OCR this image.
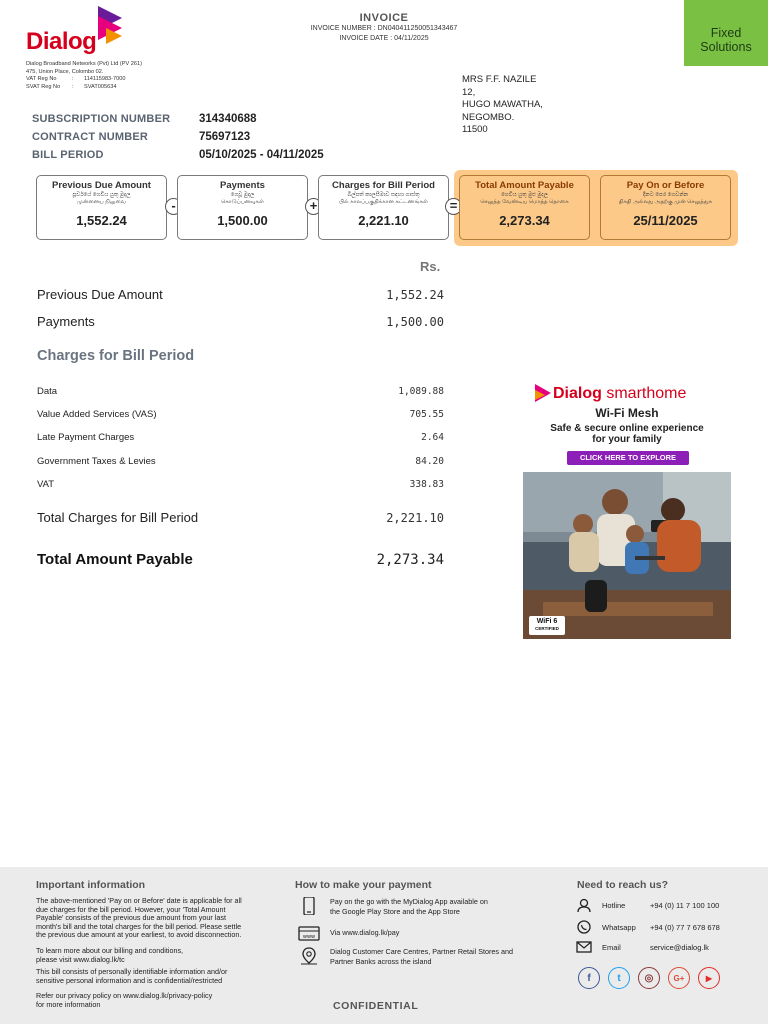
Dialog
Dialog Broadband Networks (Pvt) Ltd (PV 261)
475, Union Place, Colombo 02.
VAT Reg No	: 114115983-7000
SVAT Reg No : SVAT005634
INVOICE
INVOICE NUMBER : DN040411250051343467
INVOICE DATE : 04/11/2025	Fixed
Solutions
MRS F.F. NAZILE
12,
HUGO MAWATHA,
NEGOMBO.
11500
SUBSCRIPTION NUMBER	314340688
CONTRACT NUMBER	75697123
BILL PERIOD	05/10/2025 - 04/11/2025
Previous Due Amount
පූර්වයේ ගෙවිය යුතු මුදල
முன்னைய நிலுவை
1,552.24
-
Payments
ගෙවූ මුදල
கொடுப்பனவுகள்
1,500.00
+
Charges for Bill Period
බිල්පත් කාලසීමාව සඳහා ගාස්තු
பில் காலப்பகுதிக்கான கட்டணங்கள்
2,221.10
=
Total Amount Payable
ගෙවිය යුතු මුළු මුදල
செலுத்த வேண்டிய மொத்த தொகை
2,273.34
Pay On or Before
දිනට පෙර ගෙවන්න
திகதி அல்லது அதற்கு முன் செலுத்துக
25/11/2025
Rs.
Previous Due Amount	1,552.24
Payments	1,500.00
Charges for Bill Period
Data	1,089.88
Value Added Services (VAS)	705.55
Late Payment Charges	2.64
Government Taxes & Levies	84.20
VAT	338.83
Total Charges for Bill Period	2,221.10
Total Amount Payable	2,273.34
Dialog smarthome
Wi-Fi Mesh
Safe & secure online experience
for your family
CLICK HERE TO EXPLORE
WiFi 6
CERTIFIED
Important information
The above-mentioned 'Pay on or Before' date is applicable for all
due charges for the bill period. However, your 'Total Amount
Payable' consists of the previous due amount from your last
month's bill and the total charges for the bill period. Please settle
the previous due amount at your earliest, to avoid disconnection.
To learn more about our billing and conditions,
please visit www.dialog.lk/tc
This bill consists of personally identifiable information and/or
sensitive personal information and is confidential/restricted
Refer our privacy policy on www.dialog.lk/privacy-policy
for more information
How to make your payment
Pay on the go with the MyDialog App available on
the Google Play Store and the App Store
www Via www.dialog.lk/pay
Dialog Customer Care Centres, Partner Retail Stores and
Partner Banks across the island
Need to reach us?
Hotline	+94 (0) 11 7 100 100
Whatsapp	+94 (0) 77 7 678 678
Email	service@dialog.lk
f	t	◎	G+	▶
CONFIDENTIAL
